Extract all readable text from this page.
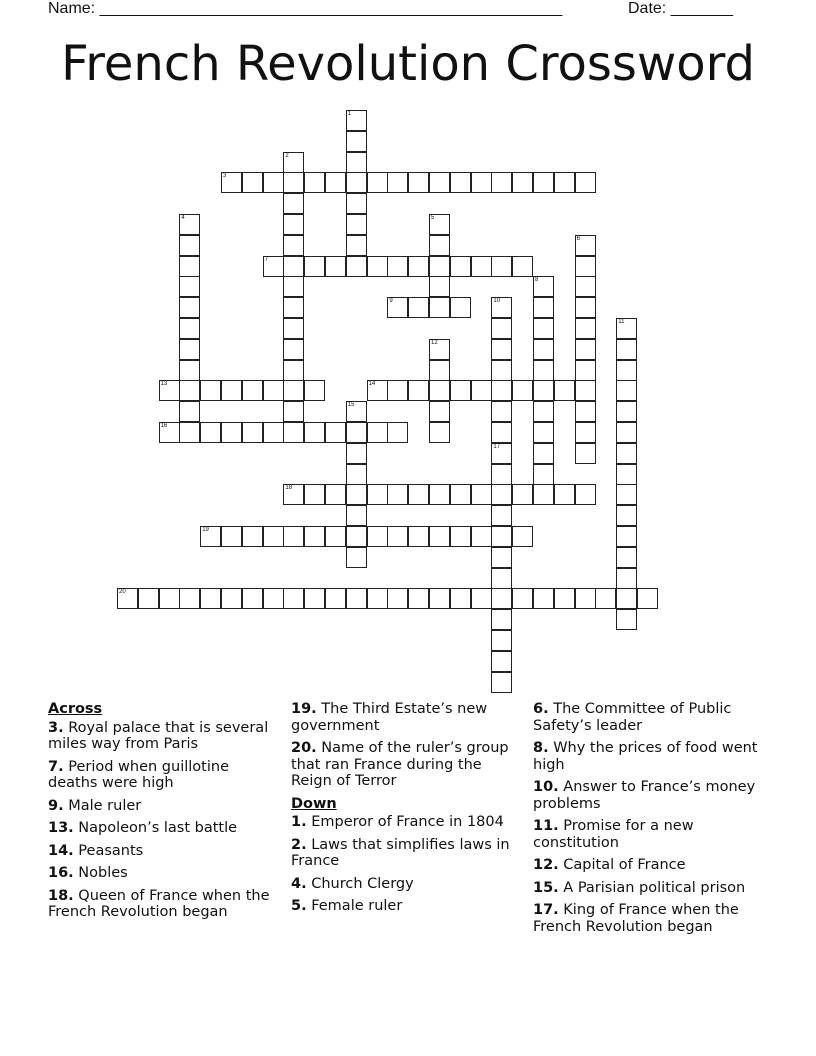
Name: ____________________________________________________	Date: _______
French Revolution Crossword
3
7
9
13	14
16
18
19
20
1
2
4	5
6
8
10
17
11
12
15
Across
3. Royal palace that is several miles way from Paris
7. Period when guillotine deaths were high
9. Male ruler
13. Napoleon’s last battle
14. Peasants
16. Nobles
18. Queen of France when the French Revolution began
19. The Third Estate’s new government
20. Name of the ruler’s group that ran France during the Reign of Terror
Down
1. Emperor of France in 1804
2. Laws that simplifies laws in France
4. Church Clergy
5. Female ruler
6. The Committee of Public Safety’s leader
8. Why the prices of food went high
10. Answer to France’s money problems
11. Promise for a new constitution
12. Capital of France
15. A Parisian political prison
17. King of France when the French Revolution began
